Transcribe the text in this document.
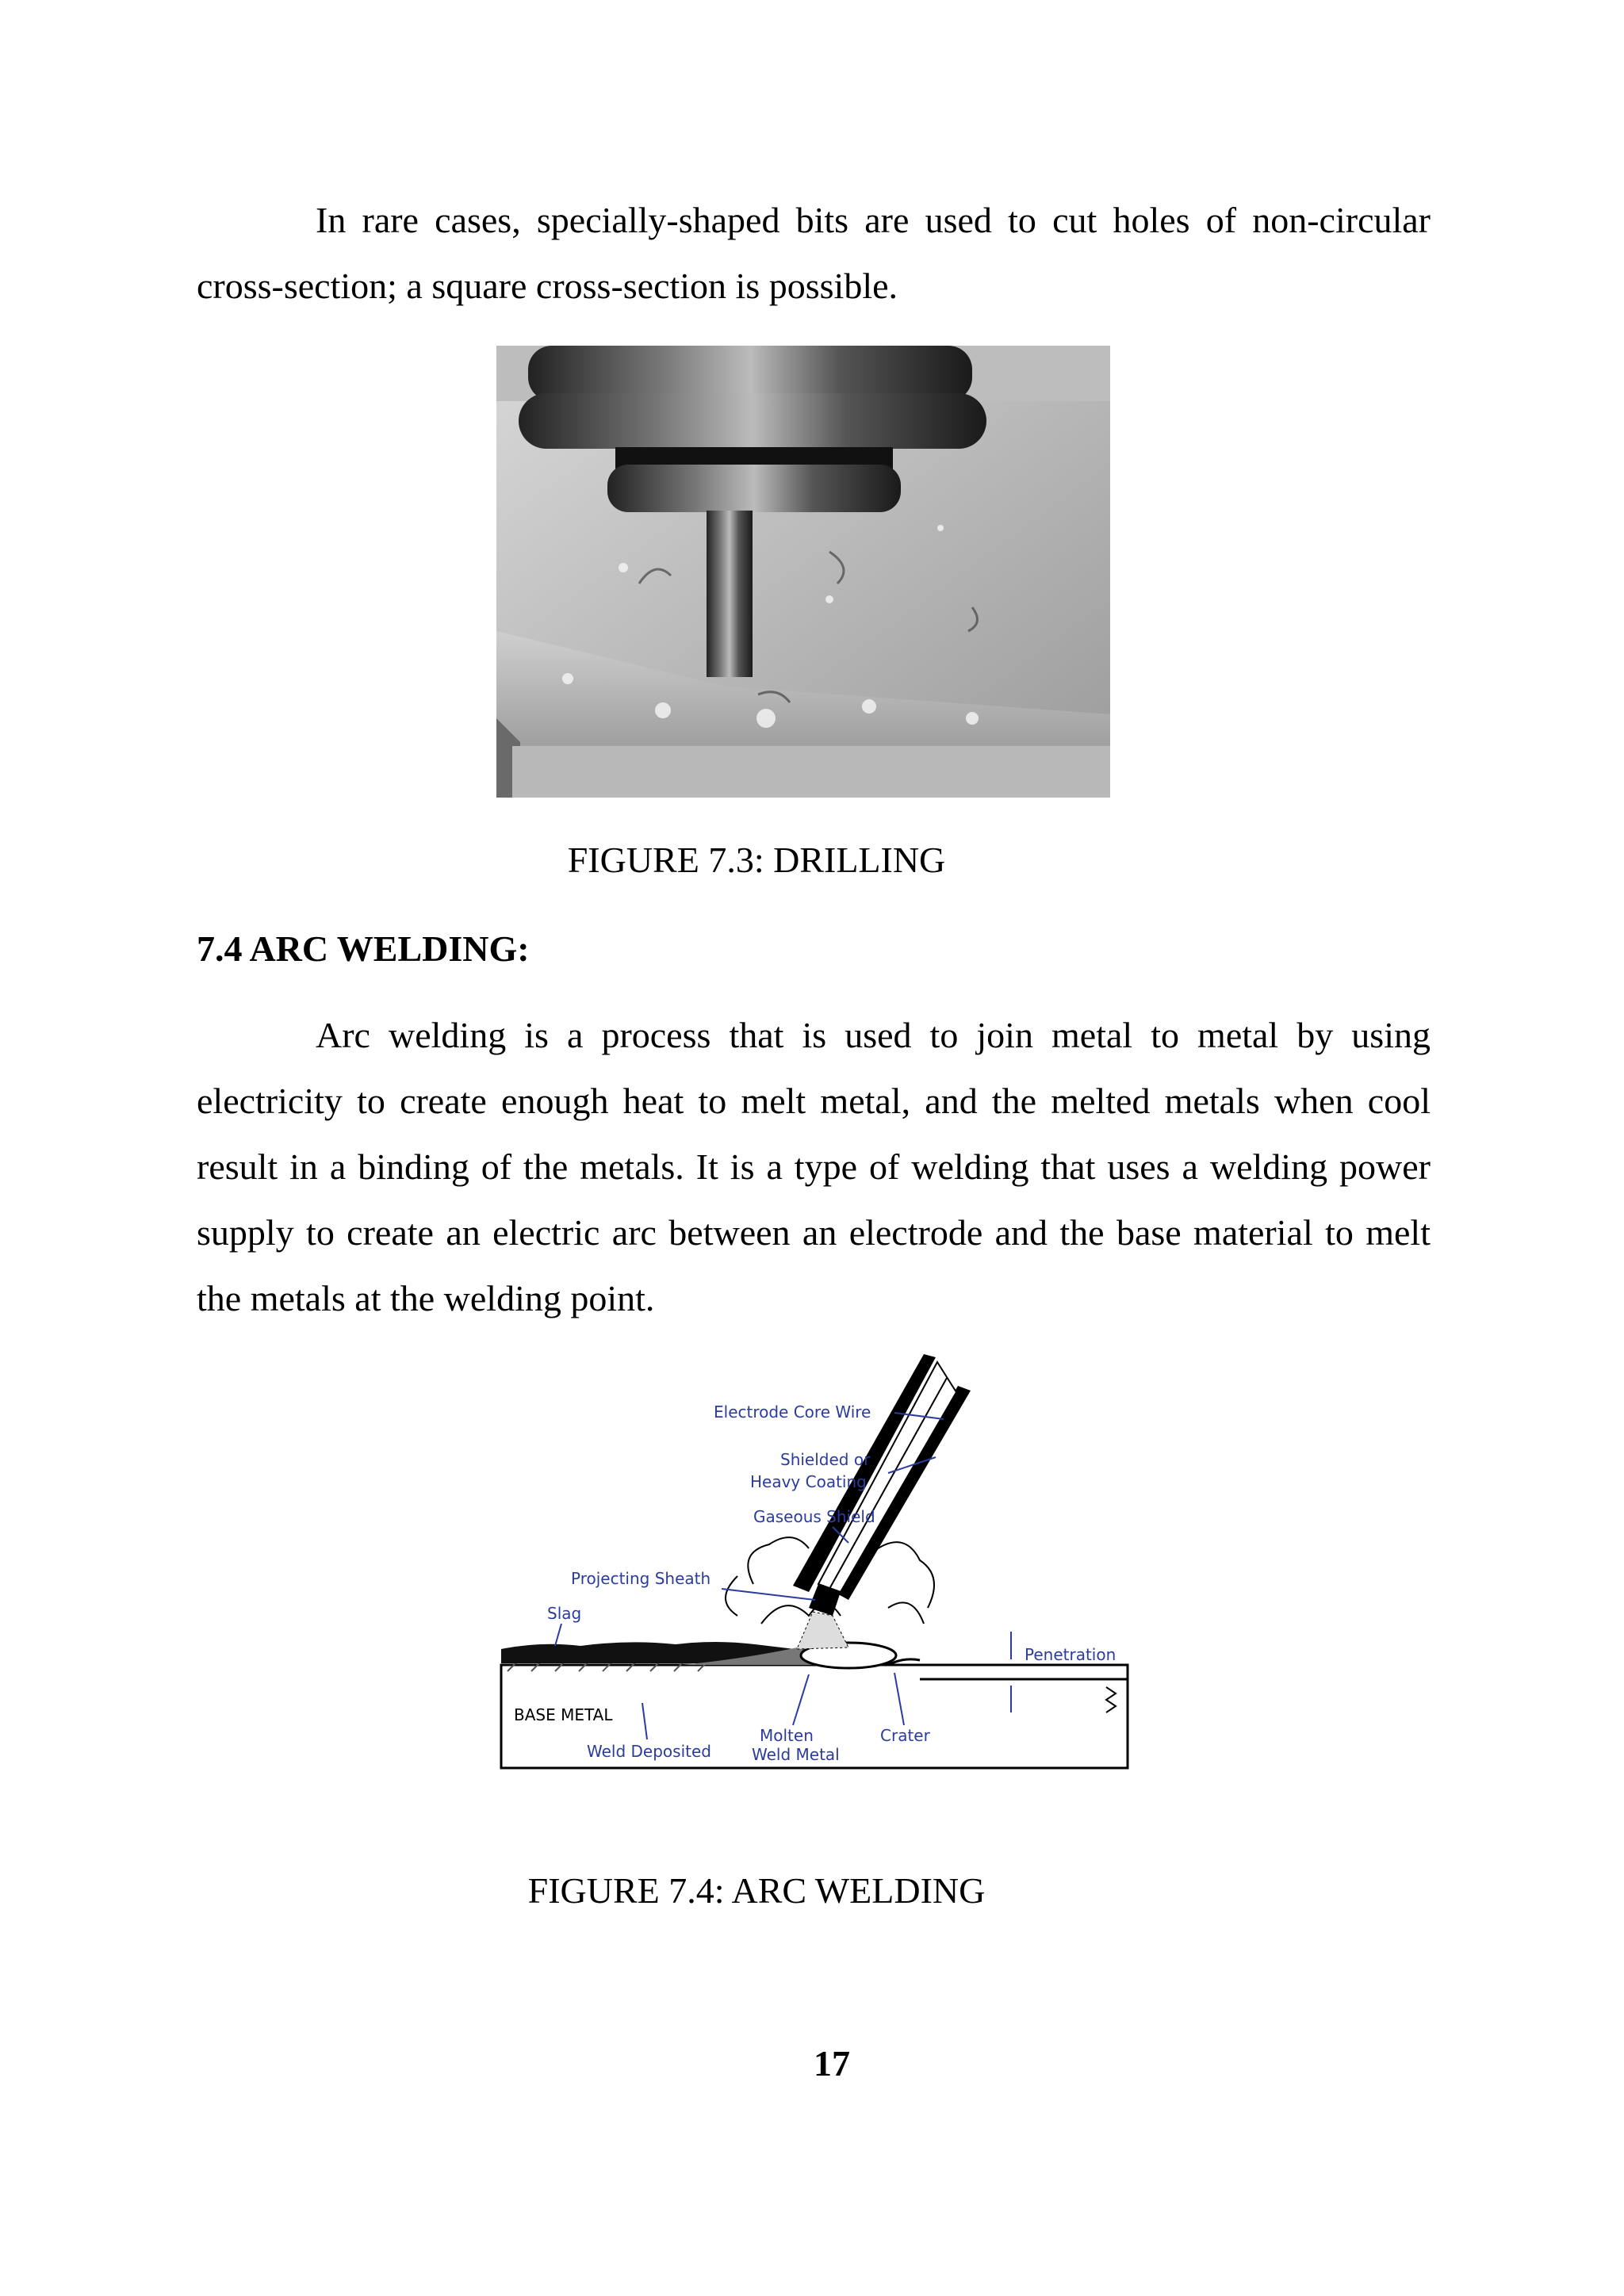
In rare cases, specially-shaped bits are used to cut holes of non-circular cross-section; a square cross-section is possible.

FIGURE 7.3: DRILLING

7.4 ARC WELDING:

Arc welding is a process that is used to join metal to metal by using electricity to create enough heat to melt metal, and the melted metals when cool result in a binding of the metals. It is a type of welding that uses a welding power supply to create an electric arc between an electrode and the base material to melt the metals at the welding point.

Electrode Core Wire
Shielded or
Heavy Coating
Gaseous Shield
Projecting Sheath
Slag
Penetration
BASE METAL
Weld Deposited
Molten
Weld Metal
Crater

FIGURE 7.4: ARC WELDING

17
